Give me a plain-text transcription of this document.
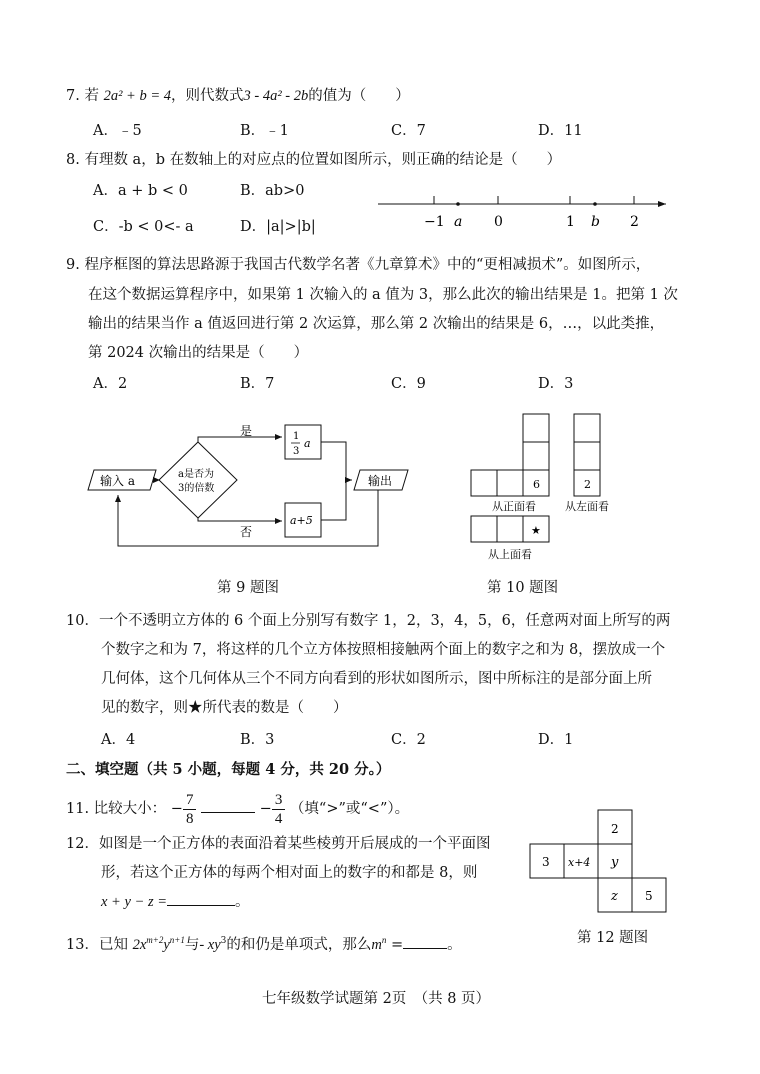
7. 若 2a² + b = 4，则代数式3 - 4a² - 2b的值为（　　）
A．﹣5	B．﹣1	C．7	D．11
8. 有理数 a，b 在数轴上的对应点的位置如图所示，则正确的结论是（　　）
A．a + b < 0	B．ab>0
C．-b < 0<- a	D．|a|>|b|	−1 a 0	1 b 2
9. 程序框图的算法思路源于我国古代数学名著《九章算术》中的“更相减损术”。如图所示，
在这个数据运算程序中，如果第 1 次输入的 a 值为 3，那么此次的输出结果是 1。把第 1 次
输出的结果当作 a 值返回进行第 2 次运算，那么第 2 次输出的结果是 6，…，以此类推，
第 2024 次输出的结果是（　　）
A．2	B．7	C．9	D．3
输入 a	a是否为
3的倍数
是	1
3
a
否
a+5
输出
第 9 题图
6
从正面看
2
从左面看
★
从上面看
第 10 题图
10．一个不透明立方体的 6 个面上分别写有数字 1，2，3，4，5，6，任意两对面上所写的两
个数字之和为 7，将这样的几个立方体按照相接触两个面上的数字之和为 8，摆放成一个
几何体，这个几何体从三个不同方向看到的形状如图所示，图中所标注的是部分面上所
见的数字，则★所代表的数是（　　）
A．4	B．3	C．2	D．1
二、填空题（共 5 小题，每题 4 分，共 20 分。）
11. 比较大小： − $\frac{7}{8}$	− $\frac{3}{4}$ （填“>”或“<”）。
12．如图是一个正方体的表面沿着某些棱剪开后展成的一个平面图
形，若这个正方体的每两个相对面上的数字的和都是 8，则
x + y − z =	。
2
3 x+4 y
z 5
第 12 题图
13．已知 $2x^{m+2}y^{n+1}$与- $xy^3$的和仍是单项式，那么$m^n$ =	。
七年级数学试题第 2页　（共 8 页）
